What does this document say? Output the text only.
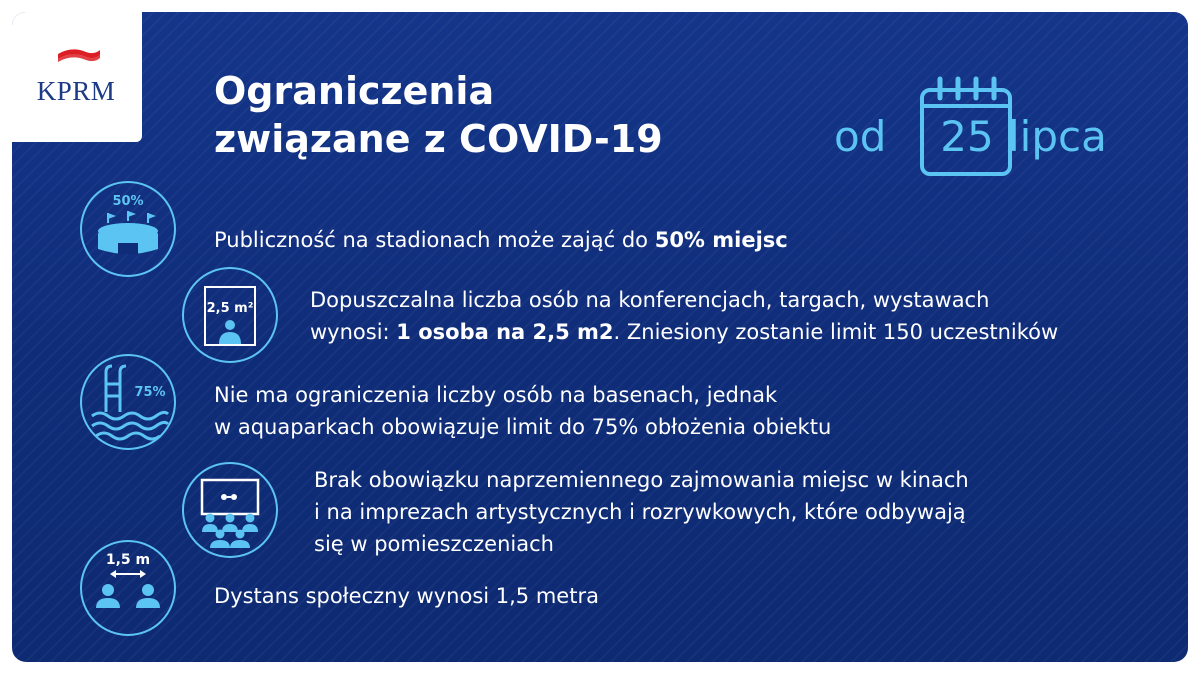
KPRM	Ograniczenia
związane z COVID-19	od 25 lipca
50%
Publiczność na stadionach może zająć do 50% miejsc
2,5 m²	Dopuszczalna liczba osób na konferencjach, targach, wystawach
wynosi: 1 osoba na 2,5 m2. Zniesiony zostanie limit 150 uczestników
75% Nie ma ograniczenia liczby osób na basenach, jednak
w aquaparkach obowiązuje limit do 75% obłożenia obiektu
Brak obowiązku naprzemiennego zajmowania miejsc w kinach
i na imprezach artystycznych i rozrywkowych, które odbywają
się w pomieszczeniach
1,5 m
Dystans społeczny wynosi 1,5 metra
